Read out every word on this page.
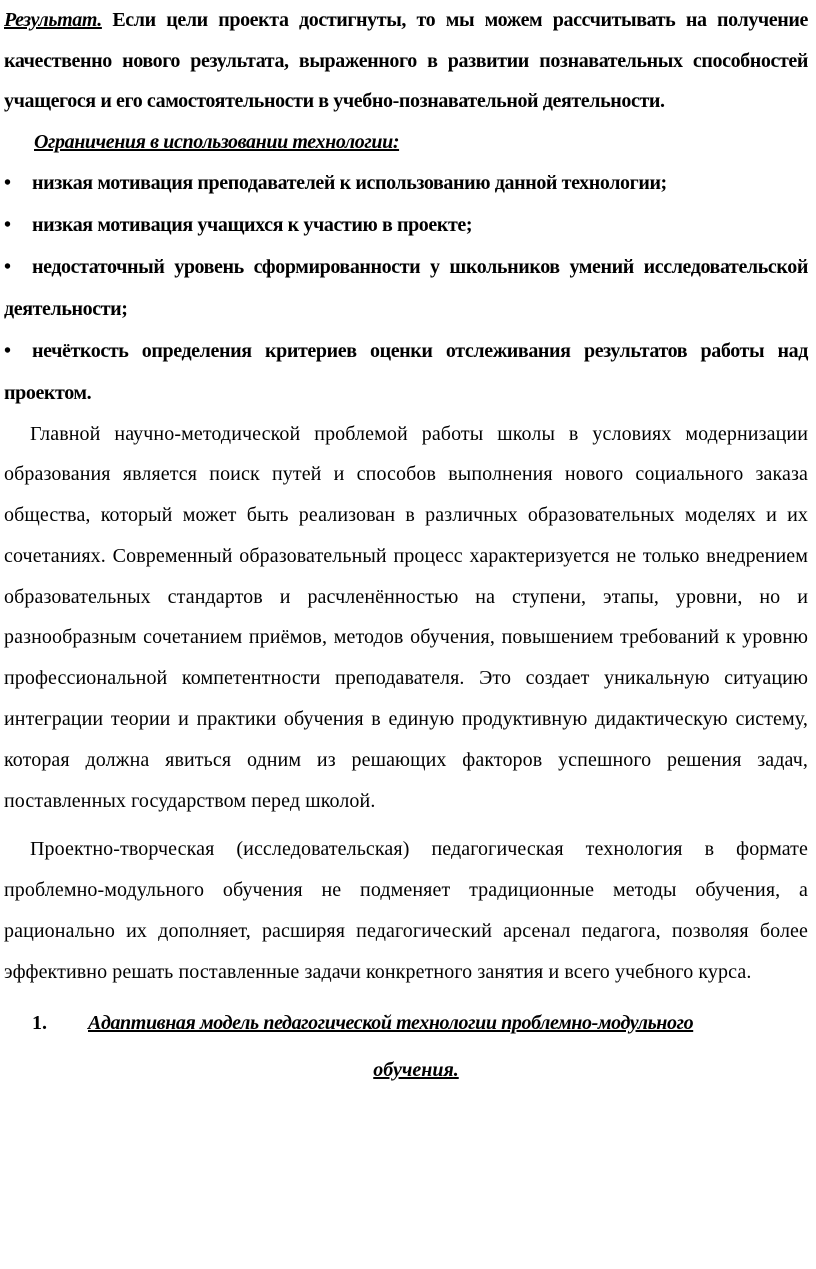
Результат. Если цели проекта достигнуты, то мы можем рассчитывать на получение качественно нового результата, выраженного в развитии познавательных способностей учащегося и его самостоятельности в учебно-познавательной деятельности.

Ограничения в использовании технологии:

• низкая мотивация преподавателей к использованию данной технологии;

• низкая мотивация учащихся к участию в проекте;

• недостаточный уровень сформированности у школьников умений исследовательской деятельности;

• нечёткость определения критериев оценки отслеживания результатов работы над проектом.

Главной научно-методической проблемой работы школы в условиях модернизации образования является поиск путей и способов выполнения нового социального заказа общества, который может быть реализован в различных образовательных моделях и их сочетаниях. Современный образовательный процесс характеризуется не только внедрением образовательных стандартов и расчленённостью на ступени, этапы, уровни, но и разнообразным сочетанием приёмов, методов обучения, повышением требований к уровню профессиональной компетентности преподавателя. Это создает уникальную ситуацию интеграции теории и практики обучения в единую продуктивную дидактическую систему, которая должна явиться одним из решающих факторов успешного решения задач, поставленных государством перед школой.

Проектно-творческая (исследовательская) педагогическая технология в формате проблемно-модульного обучения не подменяет традиционные методы обучения, а рационально их дополняет, расширяя педагогический арсенал педагога, позволяя более эффективно решать поставленные задачи конкретного занятия и всего учебного курса.

1.	Адаптивная модель педагогической технологии проблемно-модульного

обучения.
